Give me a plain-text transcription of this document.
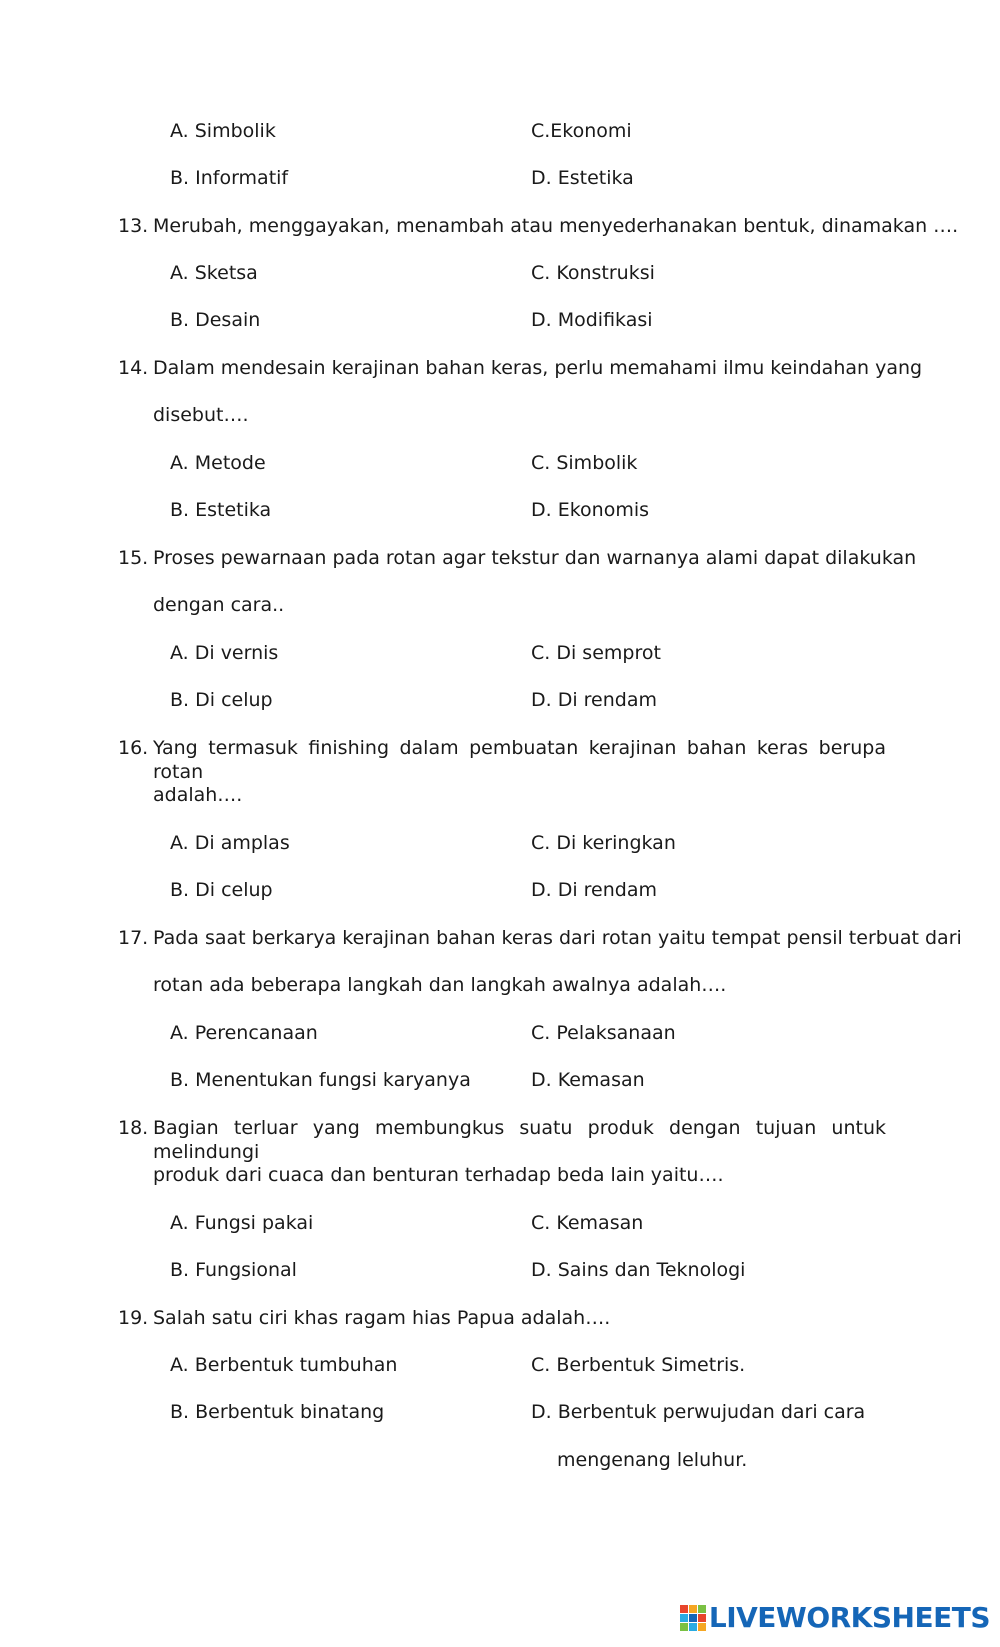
A. Simbolik	C.Ekonomi
B. Informatif	D. Estetika
13. Merubah, menggayakan, menambah atau menyederhanakan bentuk, dinamakan ….
A. Sketsa	C. Konstruksi
B. Desain	D. Modifikasi
14. Dalam mendesain kerajinan bahan keras, perlu memahami ilmu keindahan yang
disebut….
A. Metode	C. Simbolik
B. Estetika	D. Ekonomis
15. Proses pewarnaan pada rotan agar tekstur dan warnanya alami dapat dilakukan
dengan cara..
A. Di vernis	C. Di semprot
B. Di celup	D. Di rendam
16. Yang termasuk finishing dalam pembuatan kerajinan bahan keras berupa rotan
adalah….
A. Di amplas	C. Di keringkan
B. Di celup	D. Di rendam
17. Pada saat berkarya kerajinan bahan keras dari rotan yaitu tempat pensil terbuat dari
rotan ada beberapa langkah dan langkah awalnya adalah….
A. Perencanaan	C. Pelaksanaan
B. Menentukan fungsi karyanya	D. Kemasan
18. Bagian terluar yang membungkus suatu produk dengan tujuan untuk melindungi
produk dari cuaca dan benturan terhadap beda lain yaitu….
A. Fungsi pakai	C. Kemasan
B. Fungsional	D. Sains dan Teknologi
19. Salah satu ciri khas ragam hias Papua adalah….
A. Berbentuk tumbuhan	C. Berbentuk Simetris.
B. Berbentuk binatang	D. Berbentuk perwujudan dari cara
mengenang leluhur.
LIVEWORKSHEETS
